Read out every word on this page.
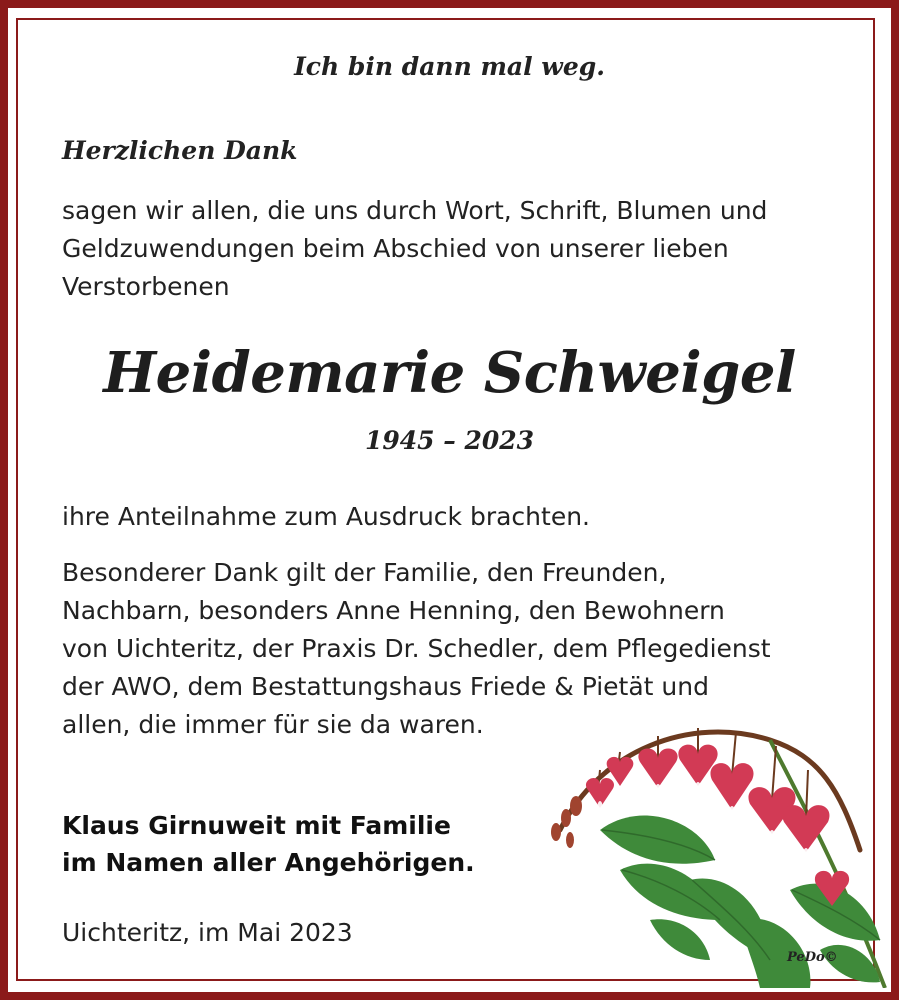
Ich bin dann mal weg.
Herzlichen Dank
sagen wir allen, die uns durch Wort, Schrift, Blumen und
Geldzuwendungen beim Abschied von unserer lieben
Verstorbenen
Heidemarie Schweigel
1945 – 2023
ihre Anteilnahme zum Ausdruck brachten.
Besonderer Dank gilt der Familie, den Freunden,
Nachbarn, besonders Anne Henning, den Bewohnern
von Uichteritz, der Praxis Dr. Schedler, dem Pflegedienst
der AWO, dem Bestattungshaus Friede & Pietät und
allen, die immer für sie da waren.
Klaus Girnuweit mit Familie
im Namen aller Angehörigen.
Uichteritz, im Mai 2023
PeDo©
